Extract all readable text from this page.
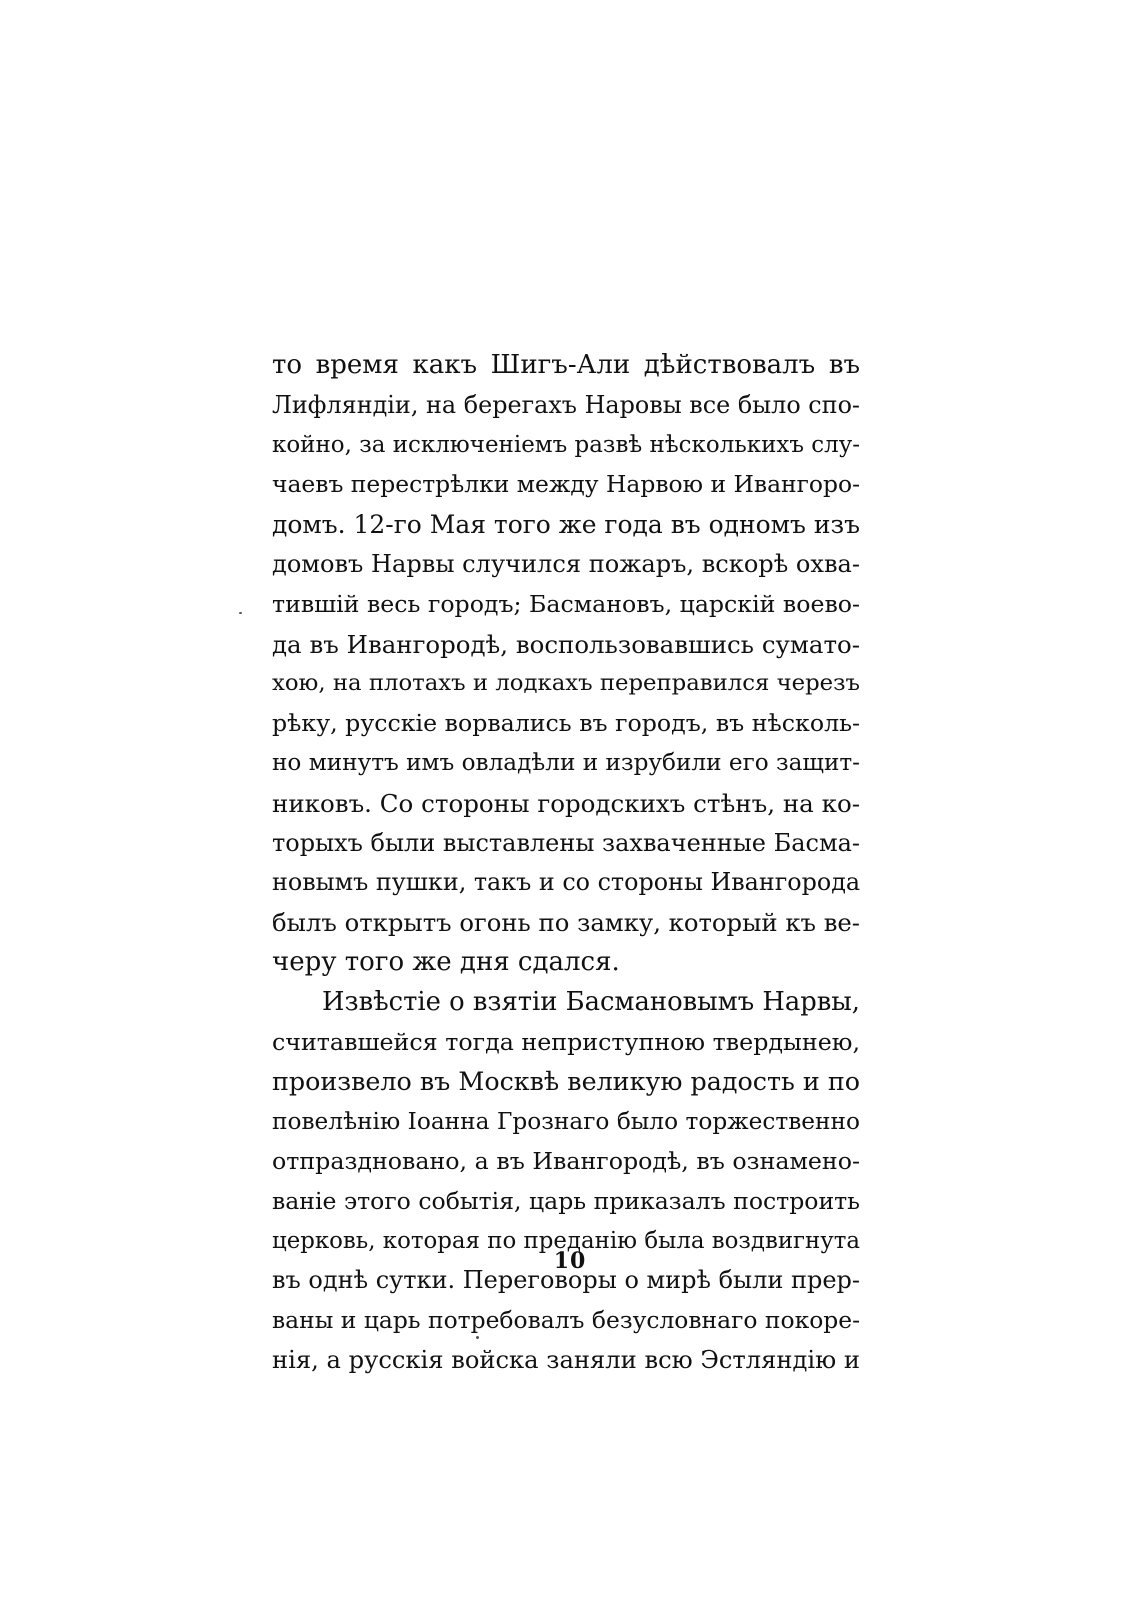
то время какъ Шигъ-Али дѣйствовалъ въ
Лифляндіи, на берегахъ Наровы все было спо-
койно, за исключеніемъ развѣ нѣсколькихъ слу-
чаевъ перестрѣлки между Нарвою и Ивангоро-
домъ. 12-го Мая того же года въ одномъ изъ
домовъ Нарвы случился пожаръ, вскорѣ охва-
тившій весь городъ; Басмановъ, царскій воево-
да въ Ивангородѣ, воспользовавшись сумато-
хою, на плотахъ и лодкахъ переправился черезъ
рѣку, русскіе ворвались въ городъ, въ нѣсколь-
но минутъ имъ овладѣли и изрубили его защит-
никовъ. Со стороны городскихъ стѣнъ, на ко-
торыхъ были выставлены захваченные Басма-
новымъ пушки, такъ и со стороны Ивангорода
былъ открытъ огонь по замку, который къ ве-
черу того же дня сдался.
Извѣстіе о взятіи Басмановымъ Нарвы,
считавшейся тогда неприступною твердынею,
произвело въ Москвѣ великую радость и по
повелѣнію Іоанна Грознаго было торжественно
отпраздновано, а въ Ивангородѣ, въ ознамено-
ваніе этого событія, царь приказалъ построить
церковь, которая по преданію была воздвигнута
въ однѣ сутки. Переговоры о мирѣ были прер-
ваны и царь потребовалъ безусловнаго покоре-
нія, а русскія войска заняли всю Эстляндію и
10
